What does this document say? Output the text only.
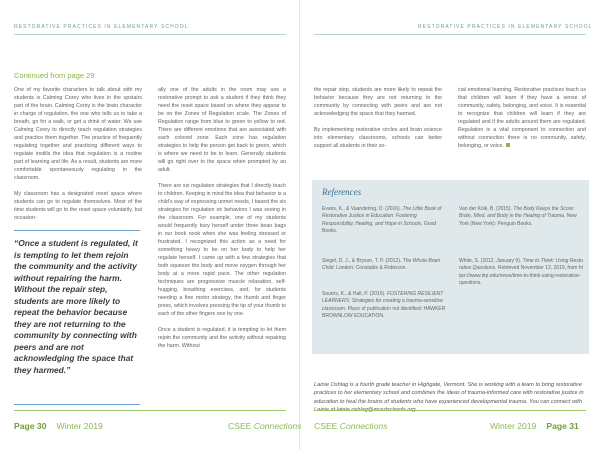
RESTORATIVE PRACTICES IN ELEMENTARY SCHOOL	RESTORATIVE PRACTICES IN ELEMENTARY SCHOOL
Continued from page 29
One of my favorite characters to talk about with my students is Calming Corey who lives in the upstairs part of the brain. Calming Corey is the brain character in charge of regulation, the one who tells us to take a breath, go for a walk, or get a drink of water. We use Calming Corey to directly teach regulation strategies and practice them together. The practice of frequently regulating together and practicing different ways to regulate instills the idea that regulation is a routine part of learning and life. As a result, students are more comfortable spontaneously regulating in the classroom.

My classroom has a designated reset space where students can go to regulate themselves. Most of the time students will go to the reset space voluntarily, but occasion-
ally one of the adults in the room may use a restorative prompt to ask a student if they think they need the reset space based on where they appear to be on the Zones of Regulation scale. The Zones of Regulation range from blue to green to yellow to red. There are different emotions that are associated with each colored zone. Each zone has regulation strategies to help the person get back to green, which is where we need to be to learn. Generally students will go right over to the space when prompted by an adult.

There are six regulation strategies that I directly teach to children. Keeping in mind the idea that behavior is a child’s way of expressing unmet needs, I based the six strategies for regulation on behaviors I was seeing in the classroom. For example, one of my students would frequently bury herself under three bean bags in our book nook when she was feeling stressed or frustrated. I recognized this action as a need for something heavy to be on her body to help her regulate herself. I came up with a few strategies that both squeeze the body and move oxygen through her body at a more rapid pace. The other regulation techniques are progressive muscle relaxation, self-hugging, breathing exercises, and, for students needing a fine motor strategy, the thumb and finger press, which involves pressing the tip of your thumb to each of the other fingers one by one.

Once a student is regulated, it is tempting to let them rejoin the community and the activity without repairing the harm. Without
the repair step, students are more likely to repeat the behavior because they are not returning to the community by connecting with peers and are not acknowledging the space that they harmed.

By implementing restorative circles and brain science into elementary classrooms, schools can better support all students in their so-
cial emotional learning. Restorative practices teach us that children will learn if they have a sense of community, safety, belonging, and voice. It is essential to recognize that children will learn if they are regulated and if the adults around them are regulated. Regulation is a vital component to connection and without connection there is no community, safety, belonging, or voice.
“Once a student is regulated, it is tempting to let them rejoin the community and the activity without repairing the harm. Without the repair step, students are more likely to repeat the behavior because they are not returning to the community by connecting with peers and are not acknowledging the space that they harmed.”
References
Evans, K., & Vaandering, D. (2016). The Little Book of Restorative Justice in Education: Fostering Responsibility, Healing, and Hope in Schools. Good Books.
Siegel, D. J., & Bryson, T. P. (2012). The Whole-Brain Child. London: Constable & Robinson.
Souers, K., & Hall, P. (2016). FOSTERING RESILIENT LEARNERS: Strategies for creating a trauma-sensitive classroom. Place of publication not identified: HAWKER BROWNLOW EDUCATION.
Van der Kolk, B. (2015). The Body Keeps the Score: Brain, Mind, and Body in the Healing of Trauma. New York (New York): Penguin Books.
White, S. (2012, January 9). Time to Think: Using Restorative Questions. Retrieved November 12, 2019, from https://www.iirp.edu/news/time-to-think-using-restorative-questions.
Lainie Oshlag is a fourth grade teacher in Highgate, Vermont. She is working with a team to bring restorative practices to her elementary school and combines the ideas of trauma-informed care with restorative justice in education to heal the brains of students who have experienced developmental trauma. You can connect with
Page 30 Winter 2019	CSEE Connections CSEE Connections	Winter 2019 Page 31
